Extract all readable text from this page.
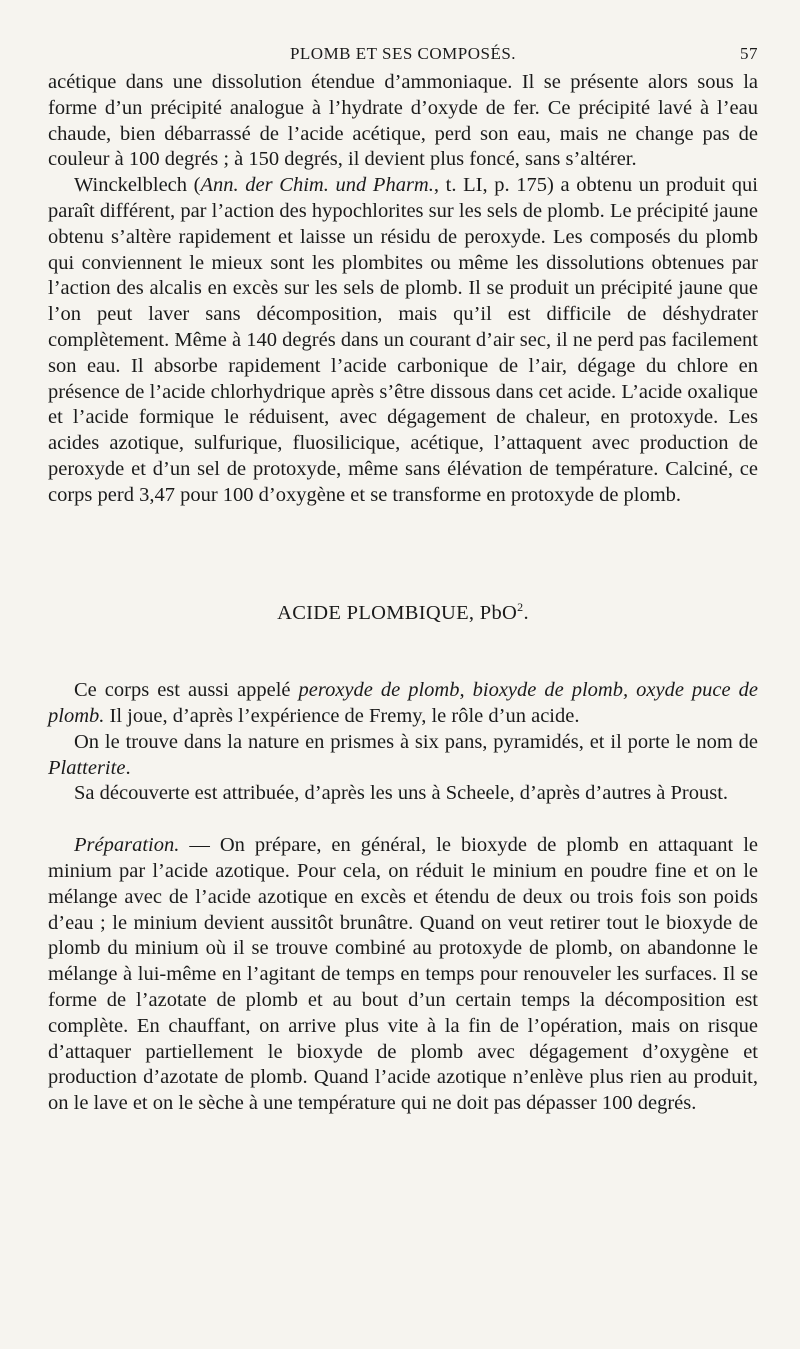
PLOMB ET SES COMPOSÉS.	57

acétique dans une dissolution étendue d’ammoniaque. Il se présente alors sous la forme d’un précipité analogue à l’hydrate d’oxyde de fer. Ce précipité lavé à l’eau chaude, bien débarrassé de l’acide acétique, perd son eau, mais ne change pas de couleur à 100 degrés ; à 150 degrés, il devient plus foncé, sans s’altérer.

Winckelblech (Ann. der Chim. und Pharm., t. LI, p. 175) a obtenu un produit qui paraît différent, par l’action des hypochlorites sur les sels de plomb. Le précipité jaune obtenu s’altère rapidement et laisse un résidu de peroxyde. Les composés du plomb qui conviennent le mieux sont les plombites ou même les dissolutions obtenues par l’action des alcalis en excès sur les sels de plomb. Il se produit un précipité jaune que l’on peut laver sans décomposition, mais qu’il est difficile de déshydrater complètement. Même à 140 degrés dans un courant d’air sec, il ne perd pas facilement son eau. Il absorbe rapidement l’acide carbonique de l’air, dégage du chlore en présence de l’acide chlorhydrique après s’être dissous dans cet acide. L’acide oxalique et l’acide formique le réduisent, avec dégagement de chaleur, en protoxyde. Les acides azotique, sulfurique, fluosilicique, acétique, l’attaquent avec production de peroxyde et d’un sel de protoxyde, même sans élévation de température. Calciné, ce corps perd 3,47 pour 100 d’oxygène et se transforme en protoxyde de plomb.

ACIDE PLOMBIQUE, PbO$^2$.

Ce corps est aussi appelé peroxyde de plomb, bioxyde de plomb, oxyde puce de plomb. Il joue, d’après l’expérience de Fremy, le rôle d’un acide.

On le trouve dans la nature en prismes à six pans, pyramidés, et il porte le nom de Platterite.

Sa découverte est attribuée, d’après les uns à Scheele, d’après d’autres à Proust.

Préparation. — On prépare, en général, le bioxyde de plomb en attaquant le minium par l’acide azotique. Pour cela, on réduit le minium en poudre fine et on le mélange avec de l’acide azotique en excès et étendu de deux ou trois fois son poids d’eau ; le minium devient aussitôt brunâtre. Quand on veut retirer tout le bioxyde de plomb du minium où il se trouve combiné au protoxyde de plomb, on abandonne le mélange à lui-même en l’agitant de temps en temps pour renouveler les surfaces. Il se forme de l’azotate de plomb et au bout d’un certain temps la décomposition est complète. En chauffant, on arrive plus vite à la fin de l’opération, mais on risque d’attaquer partiellement le bioxyde de plomb avec dégagement d’oxygène et production d’azotate de plomb. Quand l’acide azotique n’enlève plus rien au produit, on le lave et on le sèche à une température qui ne doit pas dépasser 100 degrés.
